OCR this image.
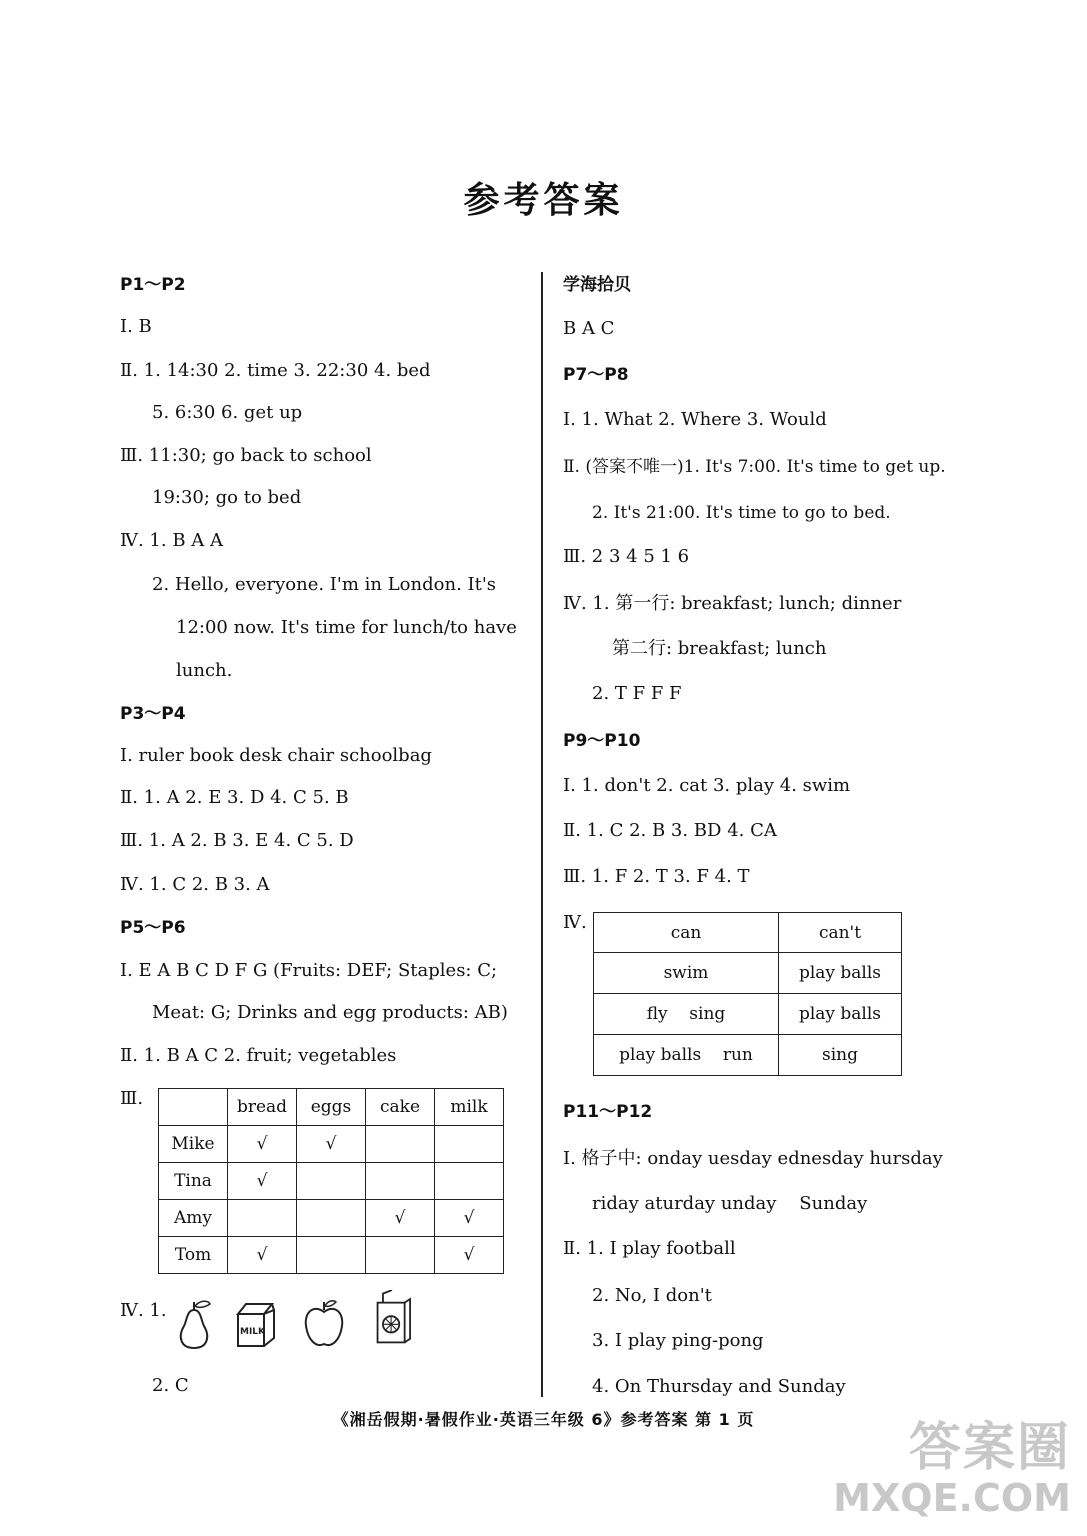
参考答案
P1～P2
Ⅰ. B
Ⅱ. 1. 14:30 2. time 3. 22:30 4. bed
5. 6:30 6. get up
Ⅲ. 11:30; go back to school
19:30; go to bed
Ⅳ. 1. B A A
2. Hello, everyone. I'm in London. It's
12:00 now. It's time for lunch/to have
lunch.
P3～P4
Ⅰ. ruler book desk chair schoolbag
Ⅱ. 1. A 2. E 3. D 4. C 5. B
Ⅲ. 1. A 2. B 3. E 4. C 5. D
Ⅳ. 1. C 2. B 3. A
P5～P6
Ⅰ. E A B C D F G (Fruits: DEF; Staples: C;
Meat: G; Drinks and egg products: AB)
Ⅱ. 1. B A C 2. fruit; vegetables
Ⅲ.
		bread	eggs	cake	milk
Mike	√	√		
Tina	√			
Amy			√	√
Tom	√			√
Ⅳ. 1.
MILK
2. C
学海拾贝
B A C
P7～P8
Ⅰ. 1. What 2. Where 3. Would
Ⅱ. (答案不唯一)1. It's 7:00. It's time to get up.
2. It's 21:00. It's time to go to bed.
Ⅲ. 2 3 4 5 1 6
Ⅳ. 1. 第一行: breakfast; lunch; dinner
第二行: breakfast; lunch
2. T F F F
P9～P10
Ⅰ. 1. don't 2. cat 3. play 4. swim
Ⅱ. 1. C 2. B 3. BD 4. CA
Ⅲ. 1. F 2. T 3. F 4. T
Ⅳ.	can	can't
swim	play balls
fly    sing	play balls
play balls    run	sing
P11～P12
Ⅰ. 格子中: onday uesday ednesday hursday
riday aturday unday    Sunday
Ⅱ. 1. I play football
2. No, I don't
3. I play ping-pong
4. On Thursday and Sunday
《湘岳假期·暑假作业·英语三年级 6》参考答案 第 1 页	答案圈
MXQE.COM
